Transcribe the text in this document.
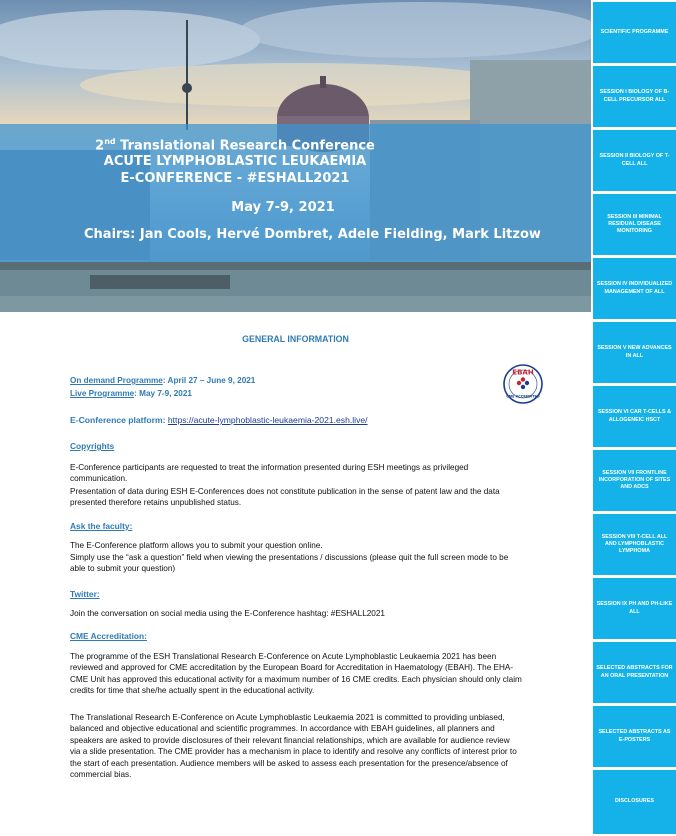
2nd Translational Research Conference
ACUTE LYMPHOBLASTIC LEUKAEMIA
E-CONFERENCE - #ESHALL2021
May 7-9, 2021
Chairs: Jan Cools, Hervé Dombret, Adele Fielding, Mark Litzow
SCIENTIFIC PROGRAMME
SESSION I BIOLOGY OF B-CELL PRECURSOR ALL
SESSION II BIOLOGY OF T-CELL ALL
SESSION III MINIMAL RESIDUAL DISEASE MONITORING
SESSION IV INDIVIDUALIZED MANAGEMENT OF ALL
SESSION V NEW ADVANCES IN ALL
SESSION VI CAR T-CELLS & ALLOGENEIC HSCT
SESSION VII FRONTLINE INCORPORATION OF SITES AND ADCS
SESSION VIII T-CELL ALL AND LYMPHOBLASTIC LYMPHOMA
SESSION IX PH AND PH-LIKE ALL
SELECTED ABSTRACTS FOR AN ORAL PRESENTATION
SELECTED ABSTRACTS AS E-POSTERS
DISCLOSURES
GENERAL INFORMATION
On demand Programme: April 27 – June 9, 2021
Live Programme: May 7-9, 2021
EBAH
CME ACCREDITED
E-Conference platform: https://acute-lymphoblastic-leukaemia-2021.esh.live/
Copyrights
E-Conference participants are requested to treat the information presented during ESH meetings as privileged communication.
Presentation of data during ESH E-Conferences does not constitute publication in the sense of patent law and the data presented therefore retains unpublished status.
Ask the faculty:
The E-Conference platform allows you to submit your question online.
Simply use the “ask a question” field when viewing the presentations / discussions (please quit the full screen mode to be able to submit your question)
Twitter:
Join the conversation on social media using the E-Conference hashtag: #ESHALL2021
CME Accreditation:
The programme of the ESH Translational Research E-Conference on Acute Lymphoblastic Leukaemia 2021 has been reviewed and approved for CME accreditation by the European Board for Accreditation in Haematology (EBAH). The EHA-CME Unit has approved this educational activity for a maximum number of 16 CME credits. Each physician should only claim credits for time that she/he actually spent in the educational activity.
The Translational Research E-Conference on Acute Lymphoblastic Leukaemia 2021 is committed to providing unbiased, balanced and objective educational and scientific programmes. In accordance with EBAH guidelines, all planners and speakers are asked to provide disclosures of their relevant financial relationships, which are available for audience review via a slide presentation. The CME provider has a mechanism in place to identify and resolve any conflicts of interest prior to the start of each presentation. Audience members will be asked to assess each presentation for the presence/absence of commercial bias.
